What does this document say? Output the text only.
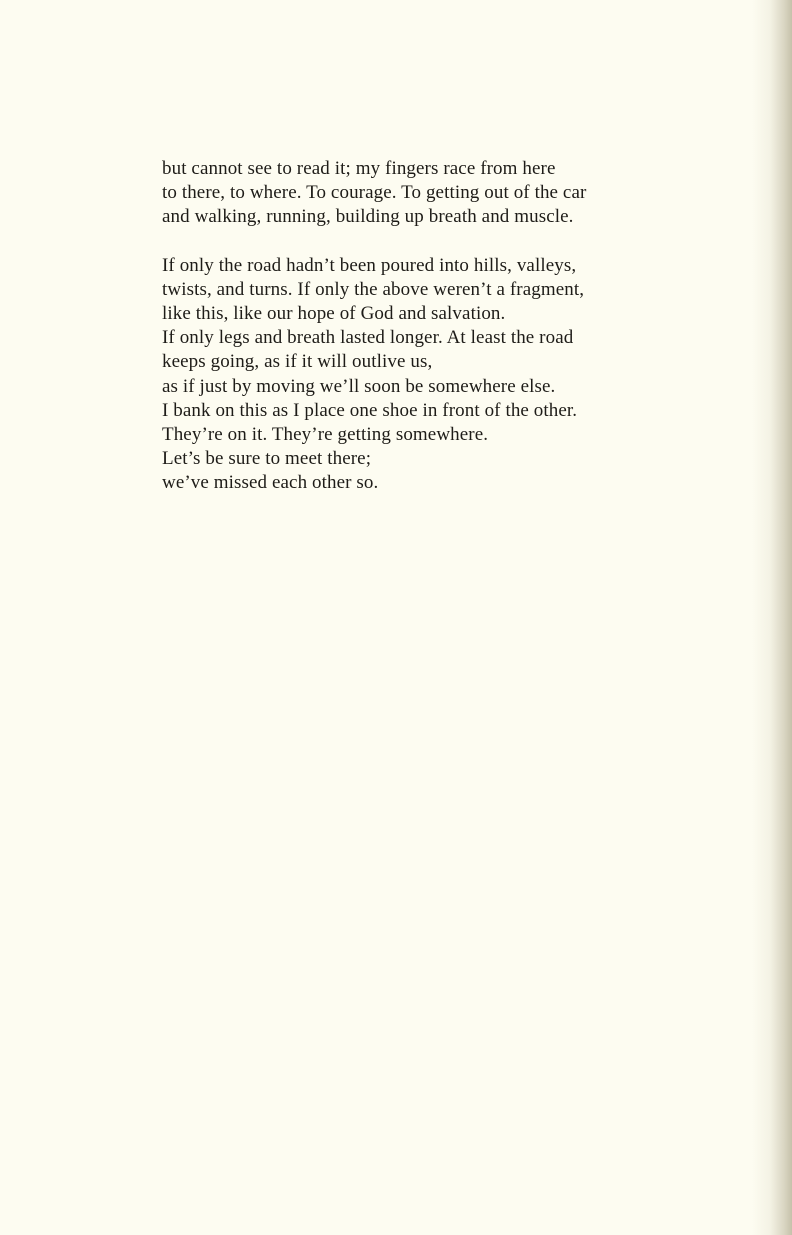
but cannot see to read it; my fingers race from here
to there, to where. To courage. To getting out of the car
and walking, running, building up breath and muscle.
If only the road hadn’t been poured into hills, valleys,
twists, and turns. If only the above weren’t a fragment,
like this, like our hope of God and salvation.
If only legs and breath lasted longer. At least the road
keeps going, as if it will outlive us,
as if just by moving we’ll soon be somewhere else.
I bank on this as I place one shoe in front of the other.
They’re on it. They’re getting somewhere.
Let’s be sure to meet there;
we’ve missed each other so.
